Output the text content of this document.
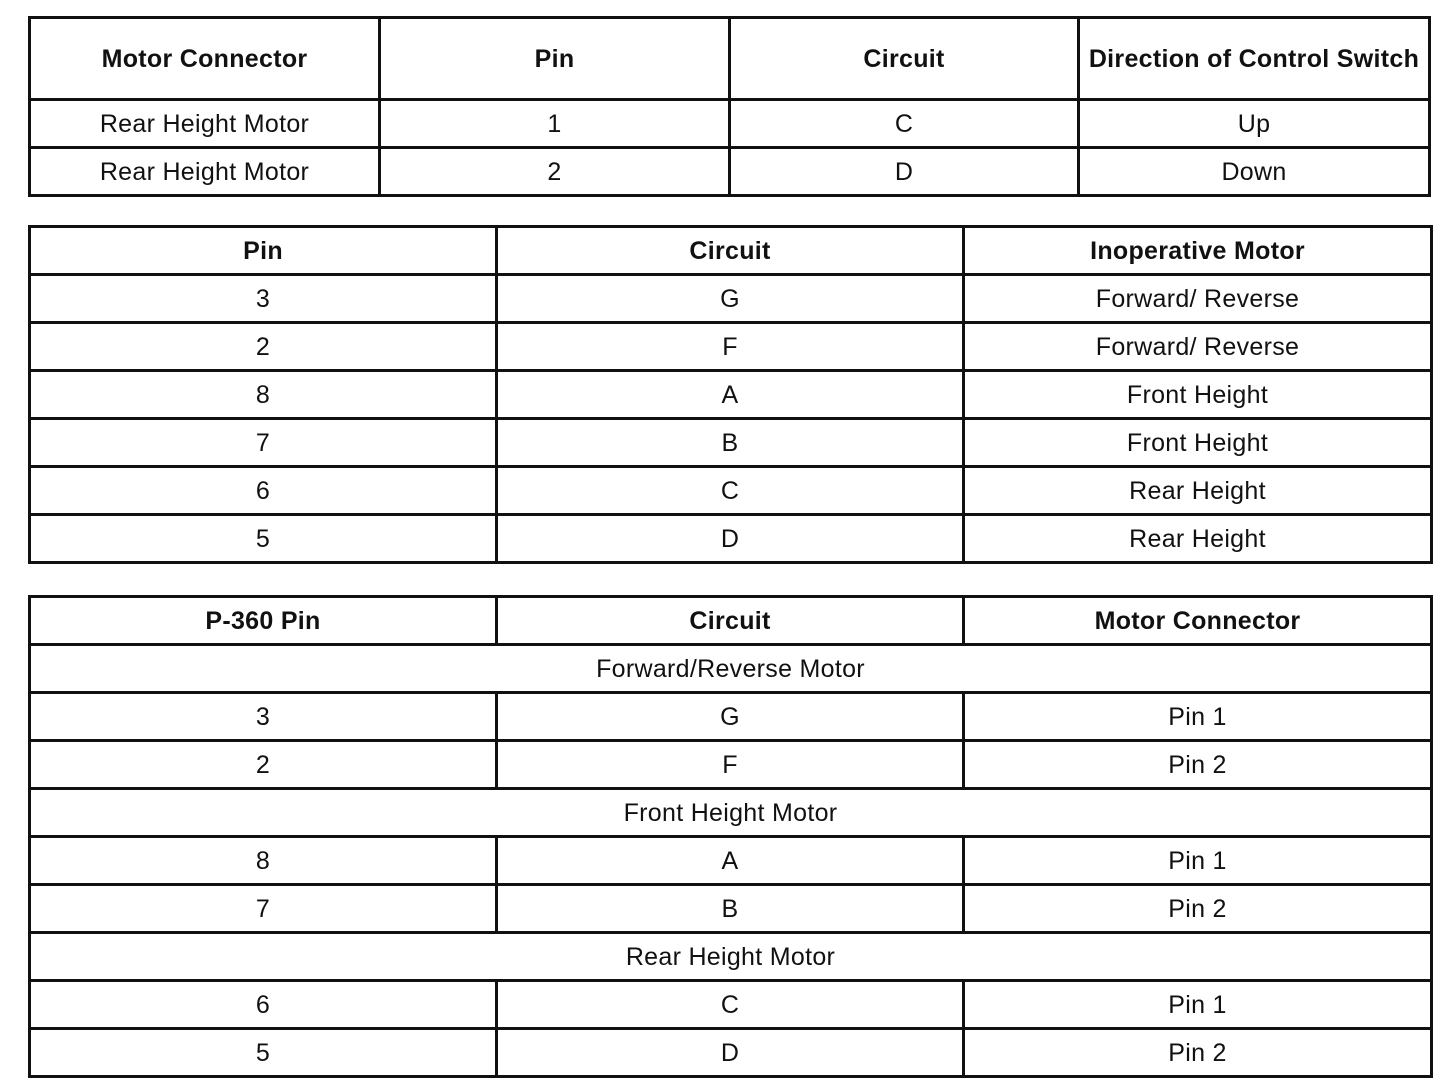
Motor Connector	Pin	Circuit	Direction of Control Switch
Rear Height Motor	1	C	Up
Rear Height Motor	2	D	Down
Pin	Circuit	Inoperative Motor
3	G	Forward/ Reverse
2	F	Forward/ Reverse
8	A	Front Height
7	B	Front Height
6	C	Rear Height
5	D	Rear Height
P-360 Pin	Circuit	Motor Connector
Forward/Reverse Motor		
3	G	Pin 1
2	F	Pin 2
Front Height Motor		
8	A	Pin 1
7	B	Pin 2
Rear Height Motor		
6	C	Pin 1
5	D	Pin 2
